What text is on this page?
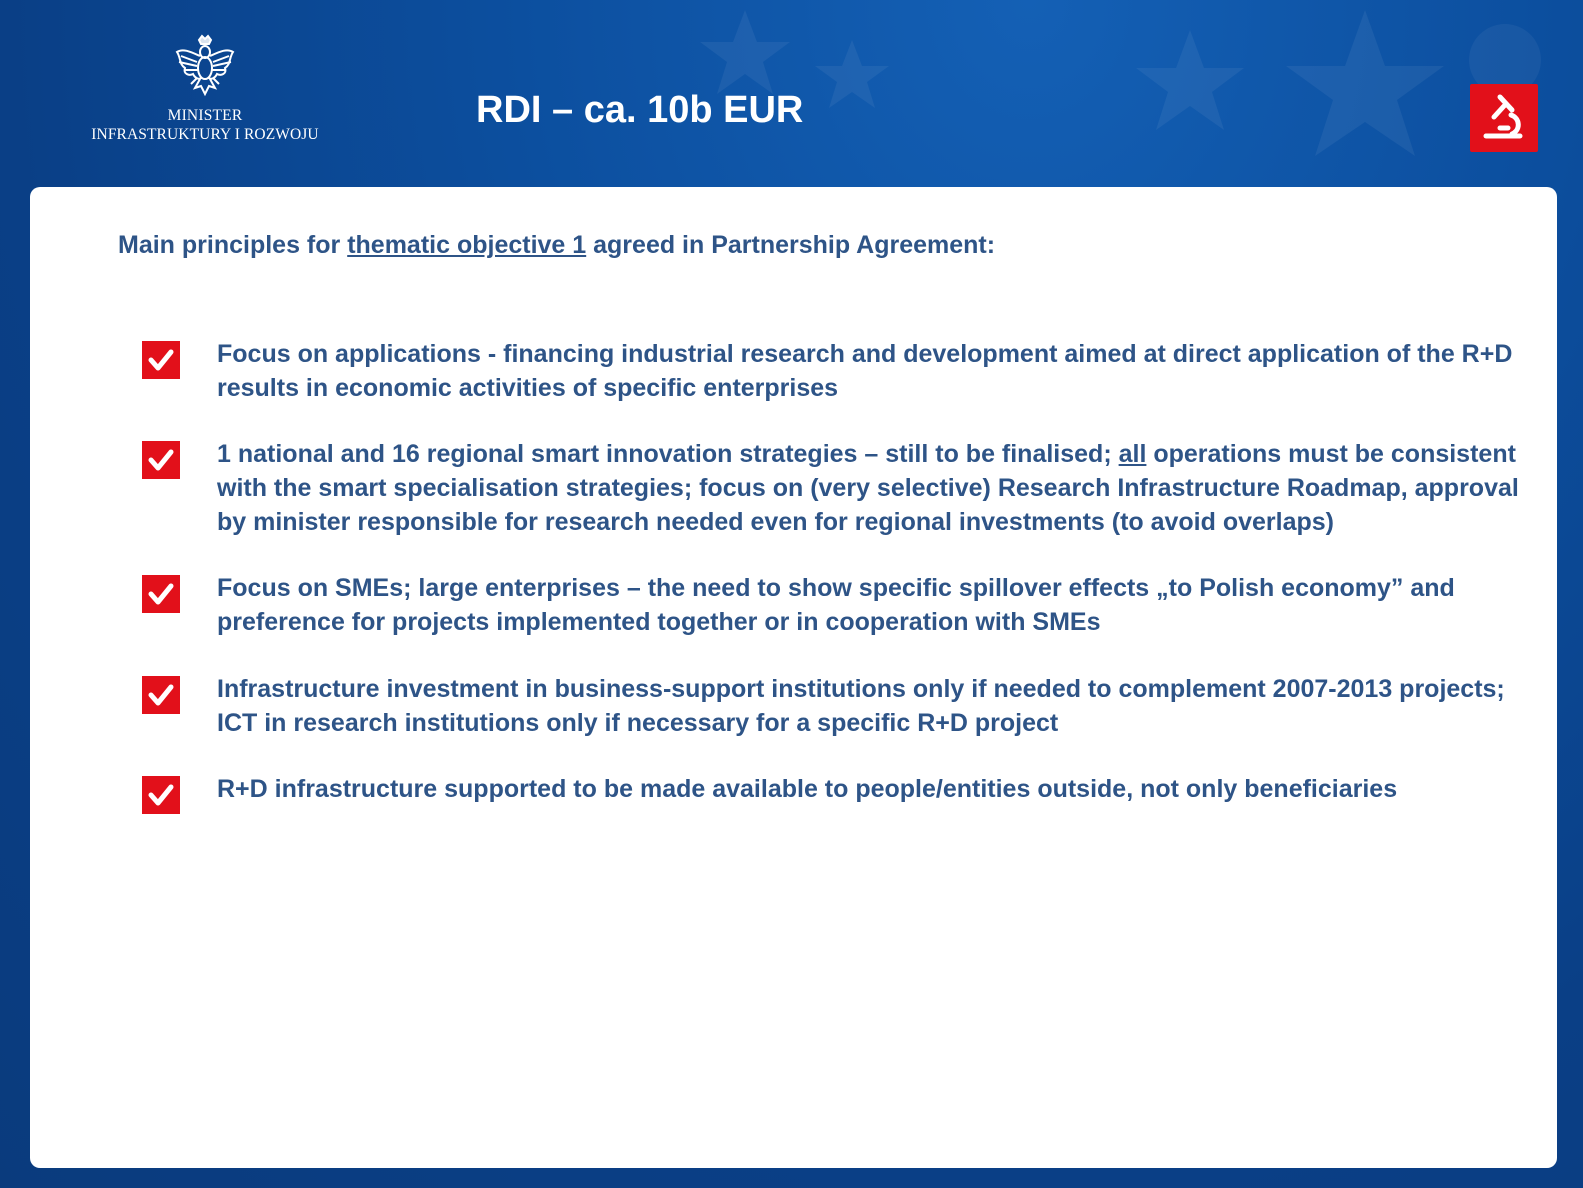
MINISTER
INFRASTRUKTURY I ROZWOJU
RDI – ca. 10b EUR
Main principles for thematic objective 1 agreed in Partnership Agreement:
Focus on applications - financing industrial research and development aimed at direct application of the R+D results in economic activities of specific enterprises
1 national and 16 regional smart innovation strategies – still to be finalised; all operations must be consistent with the smart specialisation strategies; focus on (very selective) Research Infrastructure Roadmap, approval by minister responsible for research needed even for regional investments (to avoid overlaps)
Focus on SMEs; large enterprises – the need to show specific spillover effects „to Polish economy” and preference for projects implemented together or in cooperation with SMEs
Infrastructure investment in business-support institutions only if needed to complement 2007-2013 projects; ICT in research institutions only if necessary for a specific R+D project
R+D infrastructure supported to be made available to people/entities outside, not only beneficiaries
